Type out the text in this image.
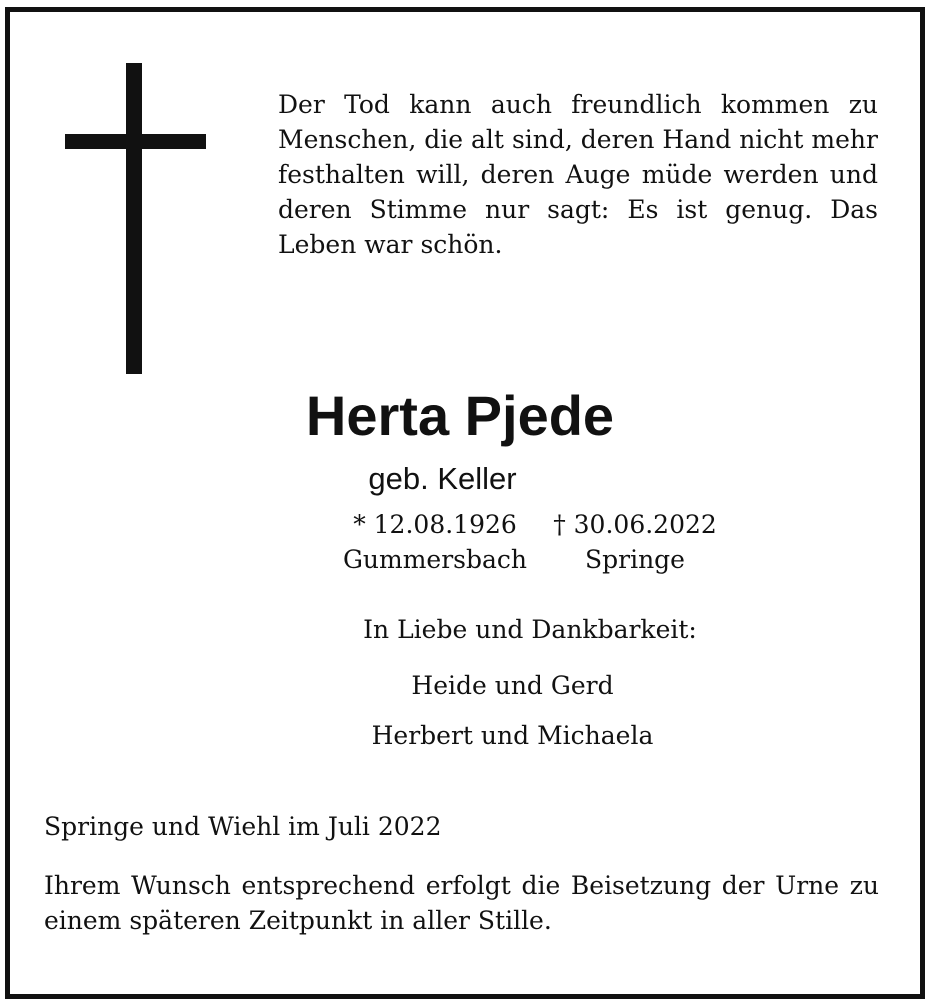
Der Tod kann auch freundlich kommen zu Menschen, die alt sind, deren Hand nicht mehr festhalten will, deren Auge müde werden und deren Stimme nur sagt: Es ist genug. Das Leben war schön.
Herta Pjede
geb. Keller
* 12.08.1926
Gummersbach
† 30.06.2022
Springe
In Liebe und Dankbarkeit:
Heide und Gerd
Herbert und Michaela
Springe und Wiehl im Juli 2022
Ihrem Wunsch entsprechend erfolgt die Beisetzung der Urne zu einem späteren Zeitpunkt in aller Stille.
